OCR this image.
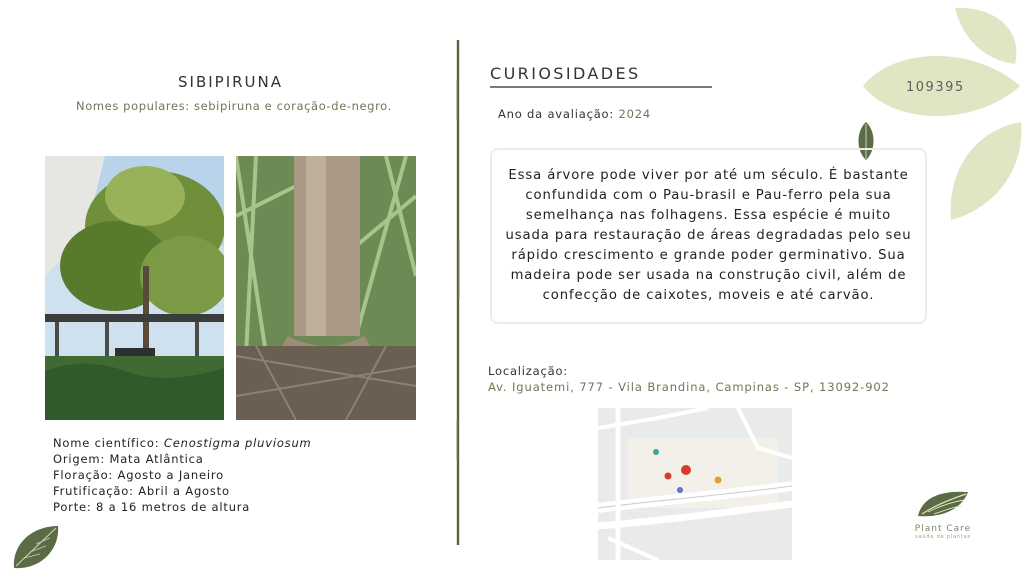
109395
SIBIPIRUNA
Nomes populares: sebipiruna e coração-de-negro.
Nome científico: Cenostigma pluviosum
Origem: Mata Atlântica
Floração: Agosto a Janeiro
Frutificação: Abril a Agosto
Porte: 8 a 16 metros de altura
CURIOSIDADES
Ano da avaliação: 2024
Essa árvore pode viver por até um século. É bastante confundida com o Pau-brasil e Pau-ferro pela sua semelhança nas folhagens. Essa espécie é muito usada para restauração de áreas degradadas pelo seu rápido crescimento e grande poder germinativo. Sua madeira pode ser usada na construção civil, além de confecção de caixotes, moveis e até carvão.
Localização:
Av. Iguatemi, 777 - Vila Brandina, Campinas - SP, 13092-902
Plant Care
saúde de plantas
